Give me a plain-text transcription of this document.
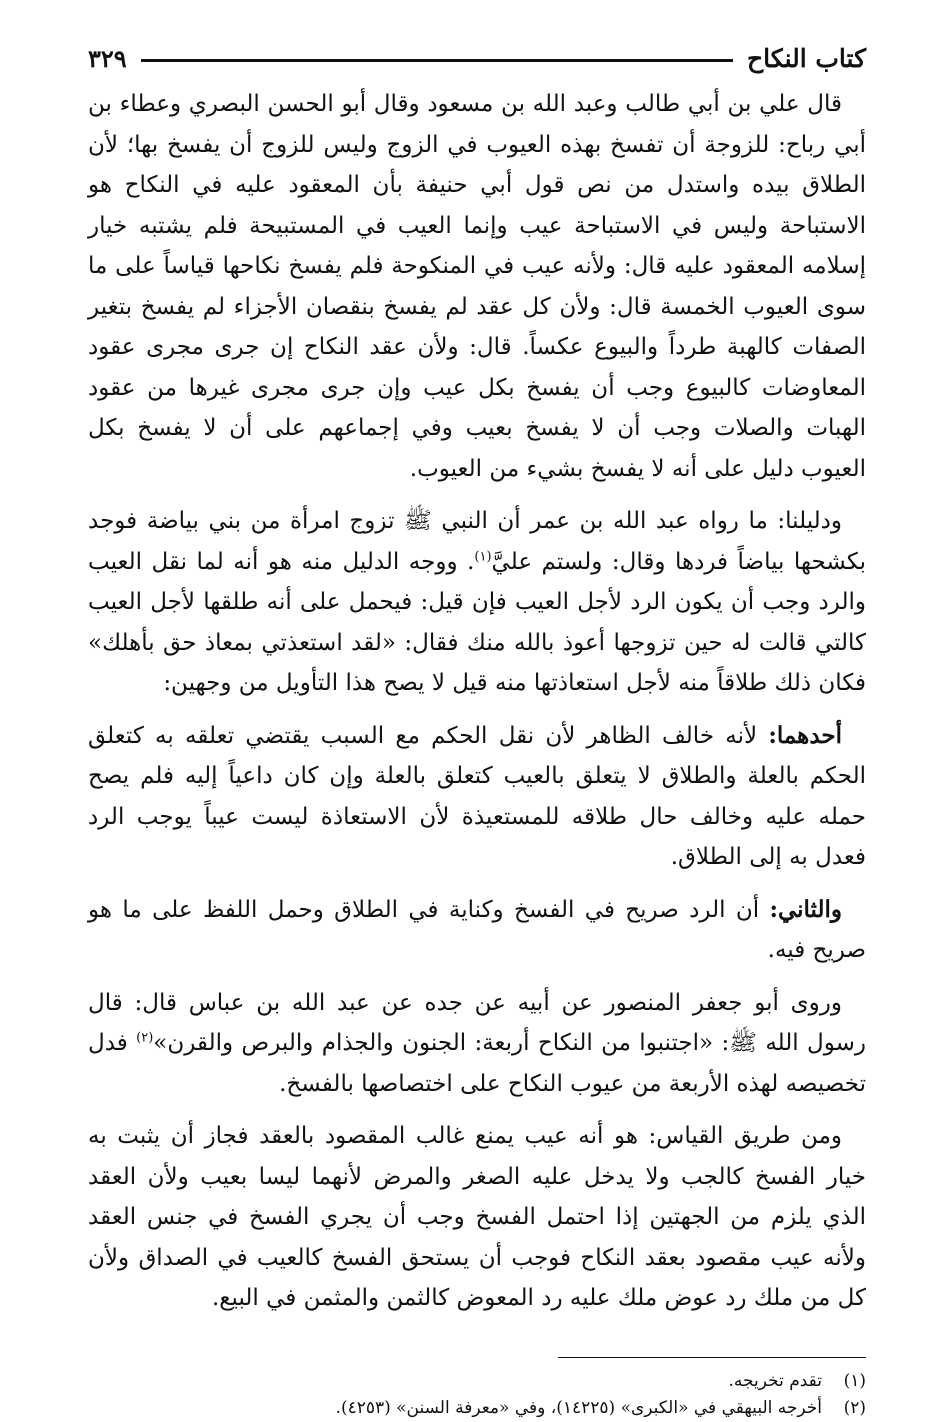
كتاب النكاح
٣٢٩

قال علي بن أبي طالب وعبد الله بن مسعود وقال أبو الحسن البصري وعطاء بن أبي رباح: للزوجة أن تفسخ بهذه العيوب في الزوج وليس للزوج أن يفسخ بها؛ لأن الطلاق بيده واستدل من نص قول أبي حنيفة بأن المعقود عليه في النكاح هو الاستباحة وليس في الاستباحة عيب وإنما العيب في المستبيحة فلم يشتبه خيار إسلامه المعقود عليه قال: ولأنه عيب في المنكوحة فلم يفسخ نكاحها قياساً على ما سوى العيوب الخمسة قال: ولأن كل عقد لم يفسخ بنقصان الأجزاء لم يفسخ بتغير الصفات كالهبة طرداً والبيوع عكساً. قال: ولأن عقد النكاح إن جرى مجرى عقود المعاوضات كالبيوع وجب أن يفسخ بكل عيب وإن جرى مجرى غيرها من عقود الهبات والصلات وجب أن لا يفسخ بعيب وفي إجماعهم على أن لا يفسخ بكل العيوب دليل على أنه لا يفسخ بشيء من العيوب.

ودليلنا: ما رواه عبد الله بن عمر أن النبي ﷺ تزوج امرأة من بني بياضة فوجد بكشحها بياضاً فردها وقال: ولستم عليَّ$^{(١)}$. ووجه الدليل منه هو أنه لما نقل العيب والرد وجب أن يكون الرد لأجل العيب فإن قيل: فيحمل على أنه طلقها لأجل العيب كالتي قالت له حين تزوجها أعوذ بالله منك فقال: «لقد استعذتي بمعاذ حق بأهلك» فكان ذلك طلاقاً منه لأجل استعاذتها منه قيل لا يصح هذا التأويل من وجهين:

أحدهما: لأنه خالف الظاهر لأن نقل الحكم مع السبب يقتضي تعلقه به كتعلق الحكم بالعلة والطلاق لا يتعلق بالعيب كتعلق بالعلة وإن كان داعياً إليه فلم يصح حمله عليه وخالف حال طلاقه للمستعيذة لأن الاستعاذة ليست عيباً يوجب الرد فعدل به إلى الطلاق.

والثاني: أن الرد صريح في الفسخ وكناية في الطلاق وحمل اللفظ على ما هو صريح فيه.

وروى أبو جعفر المنصور عن أبيه عن جده عن عبد الله بن عباس قال: قال رسول الله ﷺ: «اجتنبوا من النكاح أربعة: الجنون والجذام والبرص والقرن»$^{(٢)}$ فدل تخصيصه لهذه الأربعة من عيوب النكاح على اختصاصها بالفسخ.

ومن طريق القياس: هو أنه عيب يمنع غالب المقصود بالعقد فجاز أن يثبت به خيار الفسخ كالجب ولا يدخل عليه الصغر والمرض لأنهما ليسا بعيب ولأن العقد الذي يلزم من الجهتين إذا احتمل الفسخ وجب أن يجري الفسخ في جنس العقد ولأنه عيب مقصود بعقد النكاح فوجب أن يستحق الفسخ كالعيب في الصداق ولأن كل من ملك رد عوض ملك عليه رد المعوض كالثمن والمثمن في البيع.

(١)
تقدم تخريجه.
(٢)
أخرجه البيهقي في «الكبرى» (١٤٢٢٥)، وفي «معرفة السنن» (٤٢٥٣).
